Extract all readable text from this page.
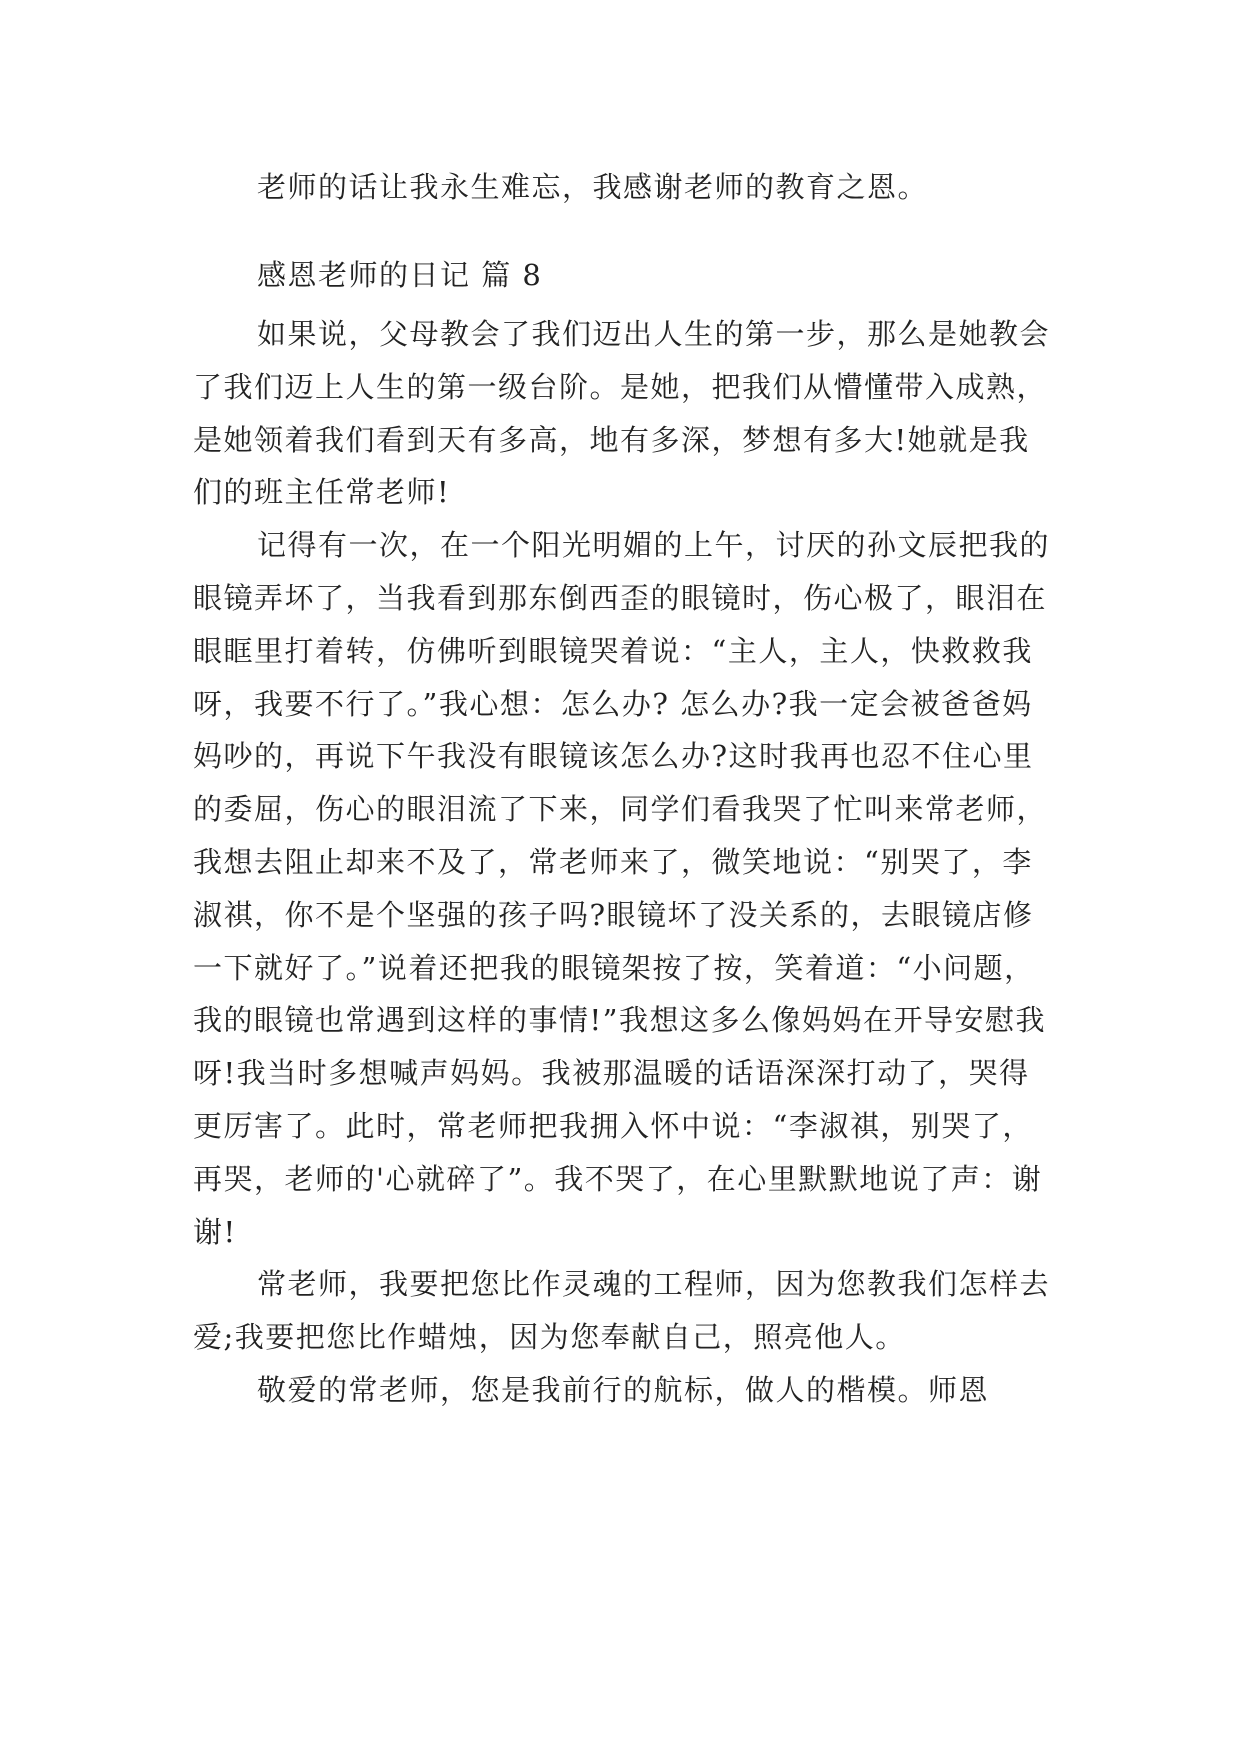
老师的话让我永生难忘，我感谢老师的教育之恩。

感恩老师的日记 篇 8

如果说，父母教会了我们迈出人生的第一步，那么是她教会了我们迈上人生的第一级台阶。是她，把我们从懵懂带入成熟，是她领着我们看到天有多高，地有多深，梦想有多大!她就是我们的班主任常老师!

记得有一次，在一个阳光明媚的上午，讨厌的孙文辰把我的眼镜弄坏了，当我看到那东倒西歪的眼镜时，伤心极了，眼泪在眼眶里打着转，仿佛听到眼镜哭着说：“主人，主人，快救救我呀，我要不行了。”我心想：怎么办? 怎么办?我一定会被爸爸妈妈吵的，再说下午我没有眼镜该怎么办?这时我再也忍不住心里的委屈，伤心的眼泪流了下来，同学们看我哭了忙叫来常老师，我想去阻止却来不及了，常老师来了，微笑地说：“别哭了，李淑祺，你不是个坚强的孩子吗?眼镜坏了没关系的，去眼镜店修一下就好了。”说着还把我的眼镜架按了按，笑着道：“小问题，我的眼镜也常遇到这样的事情!”我想这多么像妈妈在开导安慰我呀!我当时多想喊声妈妈。我被那温暖的话语深深打动了，哭得更厉害了。此时，常老师把我拥入怀中说：“李淑祺，别哭了，再哭，老师的'心就碎了”。我不哭了，在心里默默地说了声：谢谢!

常老师，我要把您比作灵魂的工程师，因为您教我们怎样去爱;我要把您比作蜡烛，因为您奉献自己，照亮他人。

敬爱的常老师，您是我前行的航标，做人的楷模。师恩
